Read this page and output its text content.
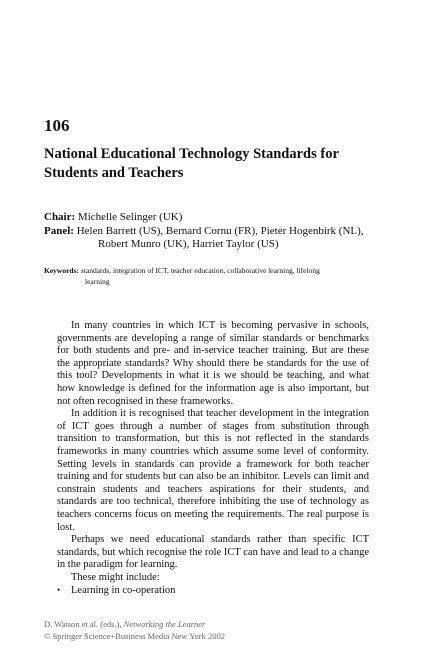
106
National Educational Technology Standards for
Students and Teachers
Chair: Michelle Selinger (UK)
Panel: Helen Barrett (US), Bernard Cornu (FR), Pieter Hogenbirk (NL),
Robert Munro (UK), Harriet Taylor (US)
Keywords: standards, integration of ICT, teacher education, collaborative learning, lifelong
learning

In many countries in which ICT is becoming pervasive in schools, governments are developing a range of similar standards or benchmarks for both students and pre- and in-service teacher training. But are these the appropriate standards? Why should there be standards for the use of this tool? Developments in what it is we should be teaching, and what how knowledge is defined for the information age is also important, but not often recognised in these frameworks.

In addition it is recognised that teacher development in the integration of ICT goes through a number of stages from substitution through transition to transformation, but this is not reflected in the standards frameworks in many countries which assume some level of conformity. Setting levels in standards can provide a framework for both teacher training and for students but can also be an inhibitor. Levels can limit and constrain students and teachers aspirations for their students, and standards are too technical, therefore inhibiting the use of technology as teachers concerns focus on meeting the requirements. The real purpose is lost.

Perhaps we need educational standards rather than specific ICT standards, but which recognise the role ICT can have and lead to a change in the paradigm for learning.

These might include:

•	Learning in co-operation
D. Watson et al. (eds.), Networking the Learner
© Springer Science+Business Media New York 2002
